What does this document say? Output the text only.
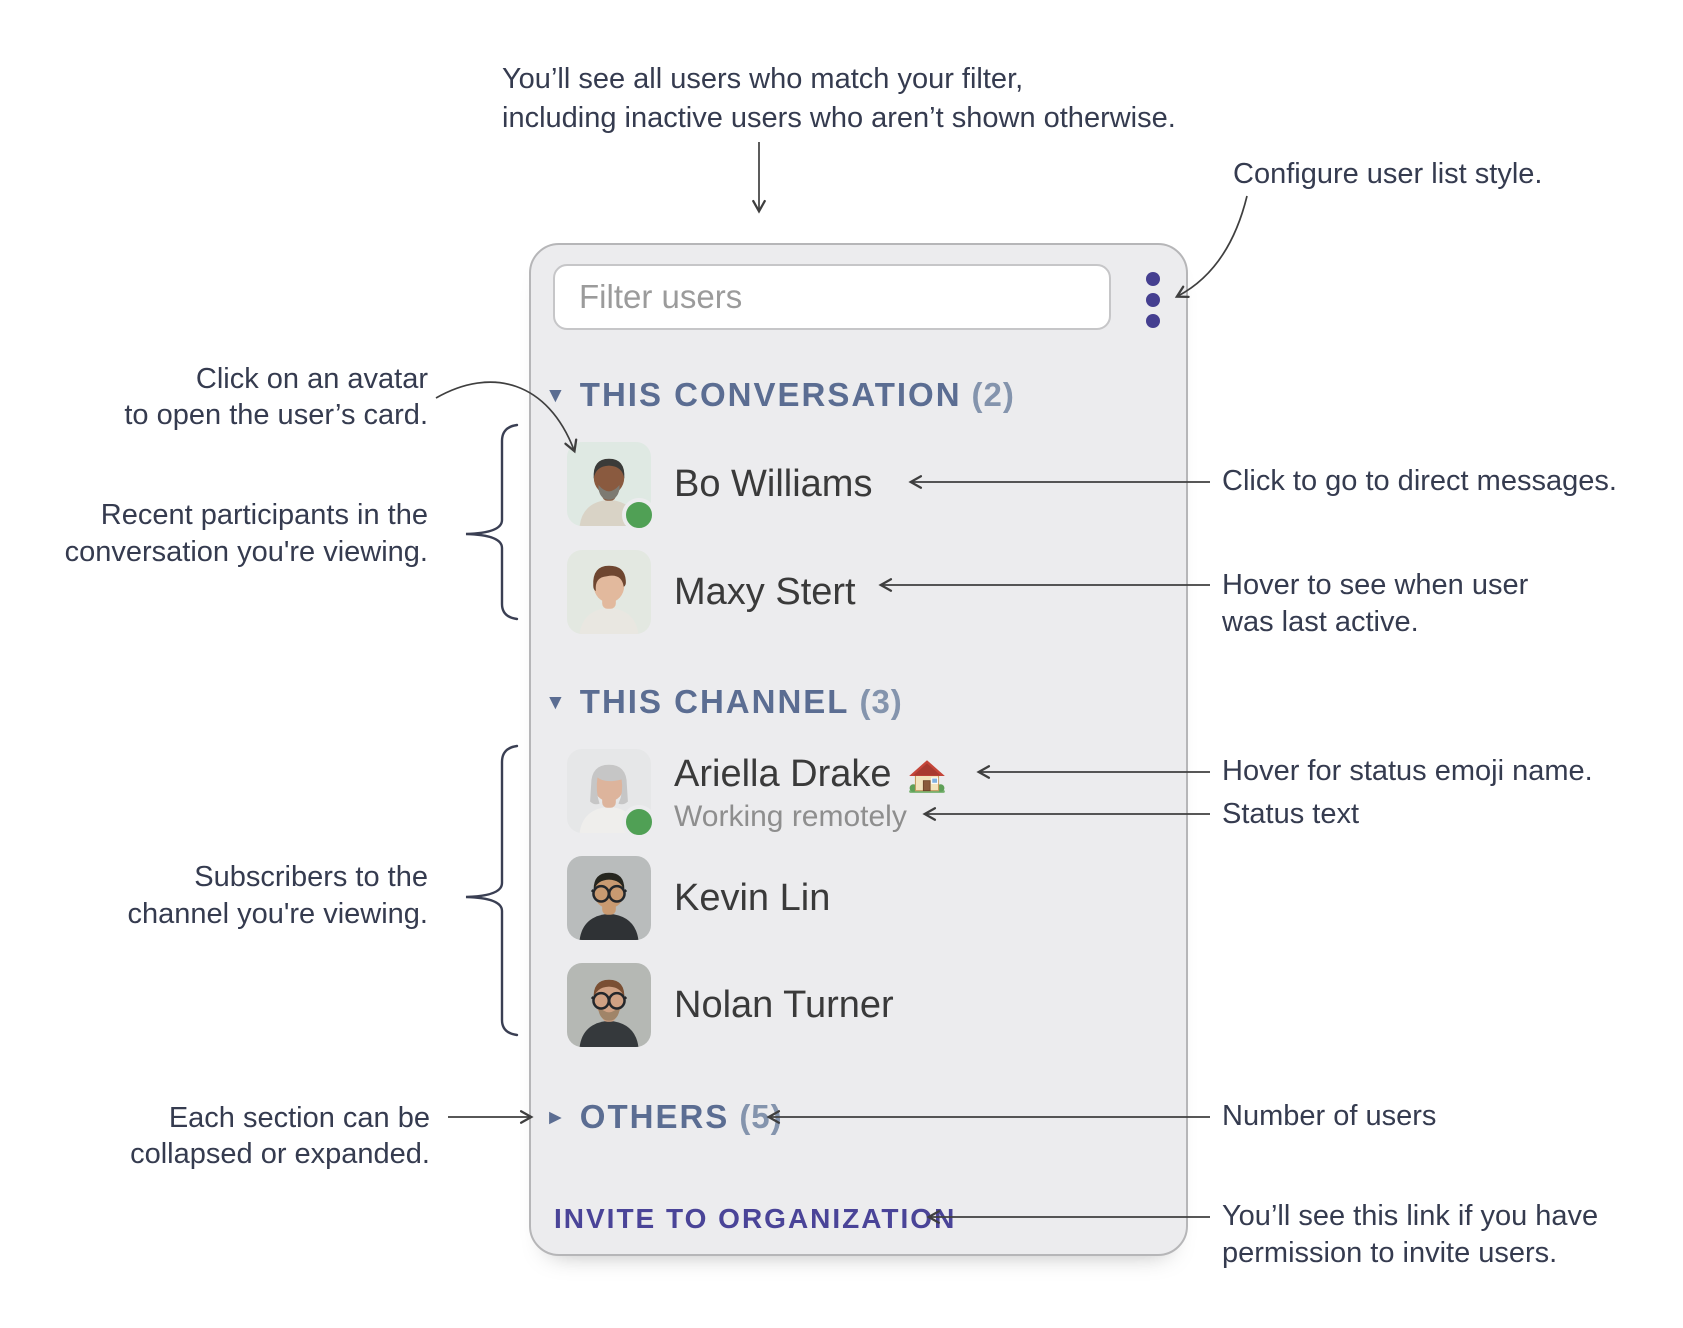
You’ll see all users who match your filter,
including inactive users who aren’t shown otherwise.
Configure user list style.
Click on an avatar
to open the user’s card.
Recent participants in the
conversation you're viewing.
Subscribers to the
channel you're viewing.
Each section can be
collapsed or expanded.
Click to go to direct messages.
Hover to see when user
was last active.
Hover for status emoji name.
Status text
Number of users
You’ll see this link if you have
permission to invite users.
Filter users
▼ THIS CONVERSATION (2)
Bo Williams
Maxy Stert
▼ THIS CHANNEL (3)
Ariella Drake
Working remotely
Kevin Lin
Nolan Turner
► OTHERS (5)
INVITE TO ORGANIZATION
